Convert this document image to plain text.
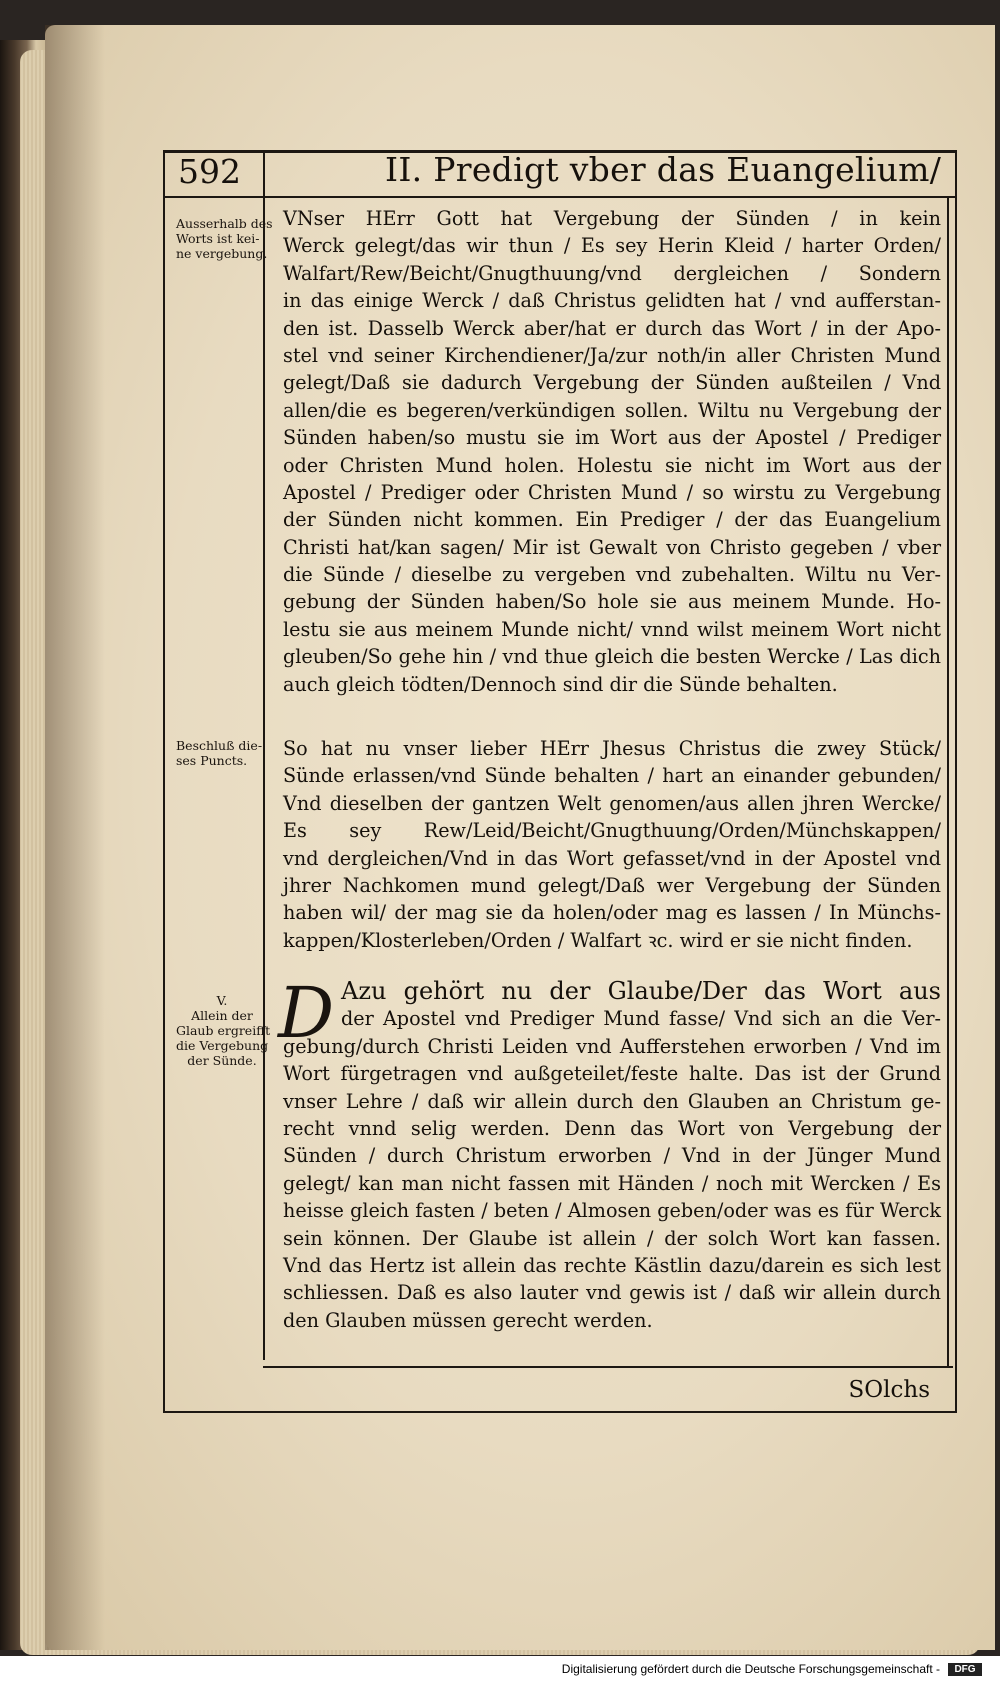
592	II. Predigt vber das Euangelium/
Ausserhalb des
Worts ist kei-
ne vergebung.
Beschluß die-
ses Puncts.
V.
Allein der
Glaub ergreifft
die Vergebung
der Sünde.
VNser HErr Gott hat Vergebung der Sünden / in kein
Werck gelegt/das wir thun / Es sey Herin Kleid / harter Orden/
Walfart/Rew/Beicht/Gnugthuung/vnd dergleichen / Sondern
in das einige Werck / daß Christus gelidten hat / vnd aufferstan-
den ist. Dasselb Werck aber/hat er durch das Wort / in der Apo-
stel vnd seiner Kirchendiener/Ja/zur noth/in aller Christen Mund
gelegt/Daß sie dadurch Vergebung der Sünden außteilen / Vnd
allen/die es begeren/verkündigen sollen. Wiltu nu Vergebung der
Sünden haben/so mustu sie im Wort aus der Apostel / Prediger
oder Christen Mund holen. Holestu sie nicht im Wort aus der
Apostel / Prediger oder Christen Mund / so wirstu zu Vergebung
der Sünden nicht kommen. Ein Prediger / der das Euangelium
Christi hat/kan sagen/ Mir ist Gewalt von Christo gegeben / vber
die Sünde / dieselbe zu vergeben vnd zubehalten. Wiltu nu Ver-
gebung der Sünden haben/So hole sie aus meinem Munde. Ho-
lestu sie aus meinem Munde nicht/ vnnd wilst meinem Wort nicht
gleuben/So gehe hin / vnd thue gleich die besten Wercke / Las dich
auch gleich tödten/Dennoch sind dir die Sünde behalten.
So hat nu vnser lieber HErr Jhesus Christus die zwey Stück/
Sünde erlassen/vnd Sünde behalten / hart an einander gebunden/
Vnd dieselben der gantzen Welt genomen/aus allen jhren Wercke/
Es sey Rew/Leid/Beicht/Gnugthuung/Orden/Münchskappen/
vnd dergleichen/Vnd in das Wort gefasset/vnd in der Apostel vnd
jhrer Nachkomen mund gelegt/Daß wer Vergebung der Sünden
haben wil/ der mag sie da holen/oder mag es lassen / In Münchs-
kappen/Klosterleben/Orden / Walfart ꝛc. wird er sie nicht finden.
D Azu gehört nu der Glaube/Der das Wort aus
der Apostel vnd Prediger Mund fasse/ Vnd sich an die Ver-
gebung/durch Christi Leiden vnd Aufferstehen erworben / Vnd im
Wort fürgetragen vnd außgeteilet/feste halte. Das ist der Grund
vnser Lehre / daß wir allein durch den Glauben an Christum ge-
recht vnnd selig werden. Denn das Wort von Vergebung der
Sünden / durch Christum erworben / Vnd in der Jünger Mund
gelegt/ kan man nicht fassen mit Händen / noch mit Wercken / Es
heisse gleich fasten / beten / Almosen geben/oder was es für Werck
sein können. Der Glaube ist allein / der solch Wort kan fassen.
Vnd das Hertz ist allein das rechte Kästlin dazu/darein es sich lest
schliessen. Daß es also lauter vnd gewis ist / daß wir allein durch
den Glauben müssen gerecht werden.
SOlchs
Digitalisierung gefördert durch die Deutsche Forschungsgemeinschaft -	DFG
